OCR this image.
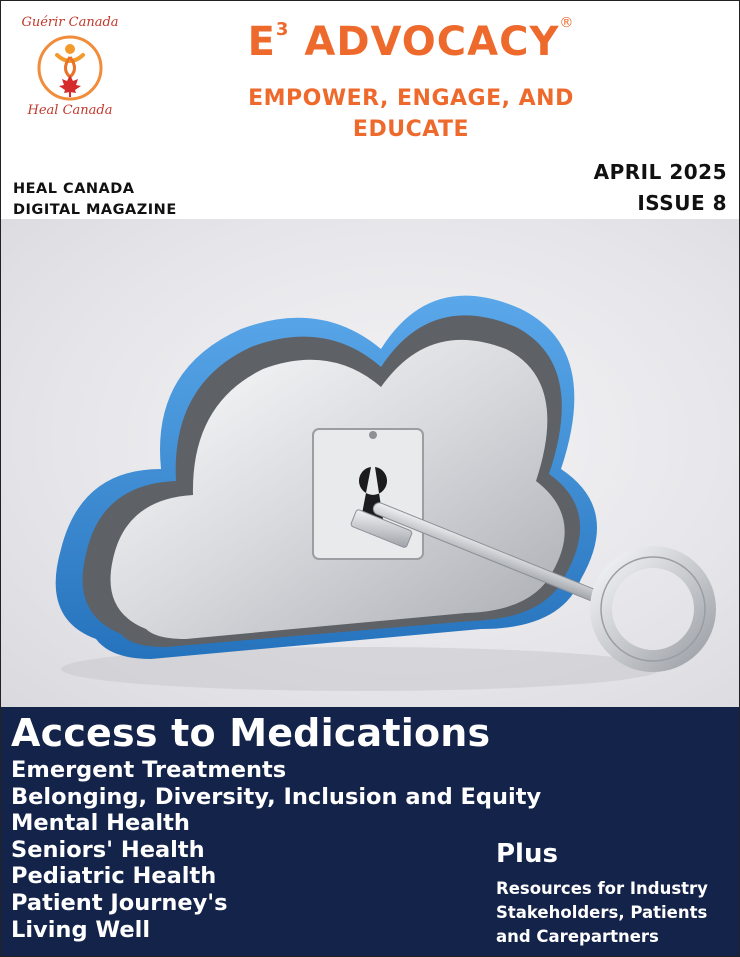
Guérir Canada
Heal Canada
$E^3$ ADVOCACY®
EMPOWER, ENGAGE, AND
EDUCATE
HEAL CANADA
DIGITAL MAGAZINE
APRIL 2025
ISSUE 8
Access to Medications
Emergent Treatments
Belonging, Diversity, Inclusion and Equity
Mental Health
Seniors' Health
Pediatric Health
Patient Journey's
Living Well
Plus
Resources for Industry
Stakeholders, Patients
and Carepartners
